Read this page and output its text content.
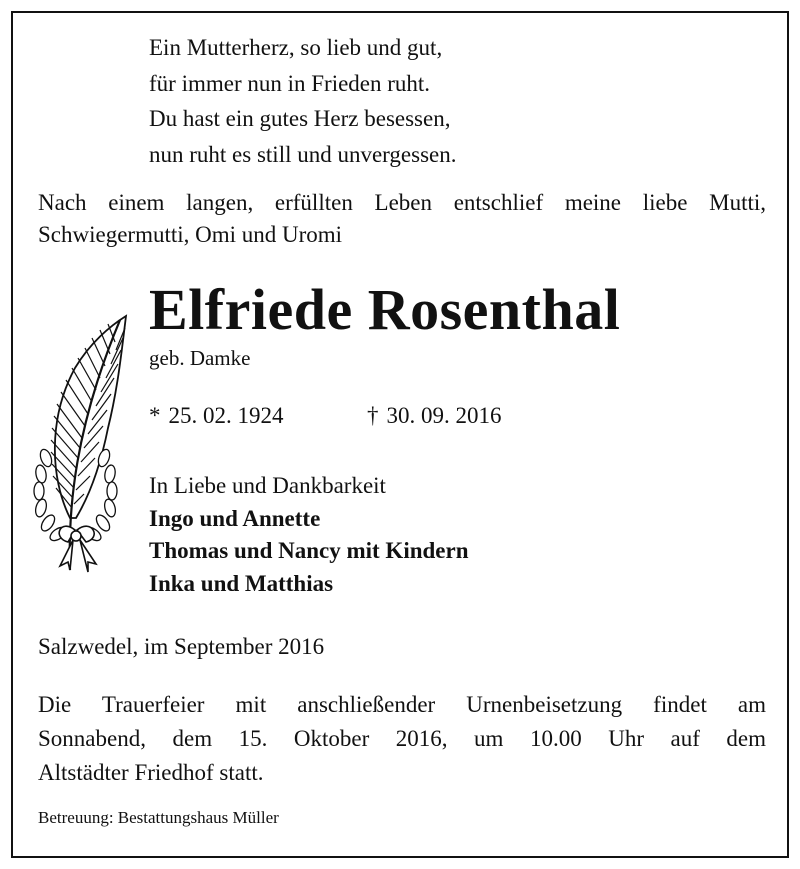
Ein Mutterherz, so lieb und gut,
für immer nun in Frieden ruht.
Du hast ein gutes Herz besessen,
nun ruht es still und unvergessen.
Nach einem langen, erfüllten Leben entschlief meine liebe Mutti, Schwiegermutti, Omi und Uromi
Elfriede Rosenthal
geb. Damke
* 25. 02. 1924	† 30. 09. 2016
In Liebe und Dankbarkeit
Ingo und Annette
Thomas und Nancy mit Kindern
Inka und Matthias
Salzwedel, im September 2016
Die Trauerfeier mit anschließender Urnenbeisetzung findet am
Sonnabend, dem 15. Oktober 2016, um 10.00 Uhr auf dem
Altstädter Friedhof statt.
Betreuung: Bestattungshaus Müller
